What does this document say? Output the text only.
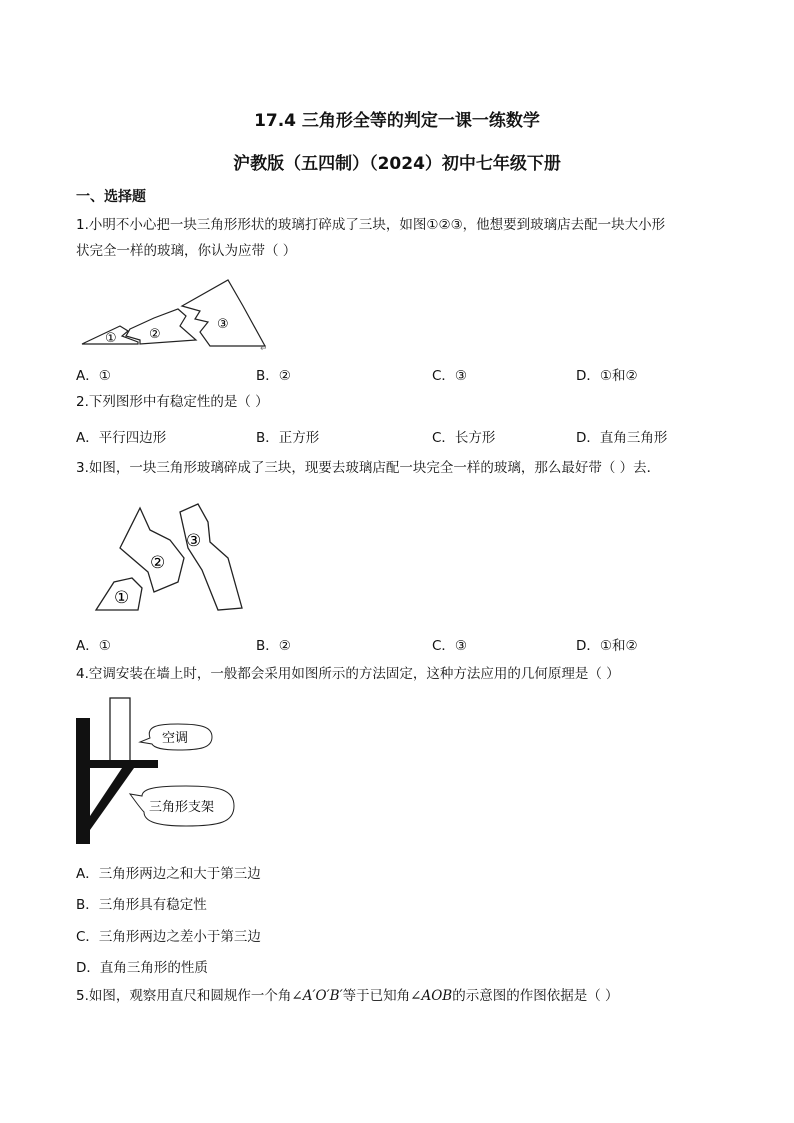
17.4 三角形全等的判定一课一练数学
沪教版（五四制）（2024）初中七年级下册
一、选择题
1.小明不小心把一块三角形形状的玻璃打碎成了三块，如图①②③，他想要到玻璃店去配一块大小形
状完全一样的玻璃，你认为应带（ ）
① ②
③
↵
A．①	B．②	C．③	D．①和②
2.下列图形中有稳定性的是（ ）
A．平行四边形	B．正方形	C．长方形	D．直角三角形
3.如图，一块三角形玻璃碎成了三块，现要去玻璃店配一块完全一样的玻璃，那么最好带（ ）去．
①
②
③
A．①	B．②	C．③	D．①和②
4.空调安装在墙上时，一般都会采用如图所示的方法固定，这种方法应用的几何原理是（ ）
空调
三角形支架
A．三角形两边之和大于第三边
B．三角形具有稳定性
C．三角形两边之差小于第三边
D．直角三角形的性质
5.如图，观察用直尺和圆规作一个角∠A′O′B′等于已知角∠AOB的示意图的作图依据是（ ）
